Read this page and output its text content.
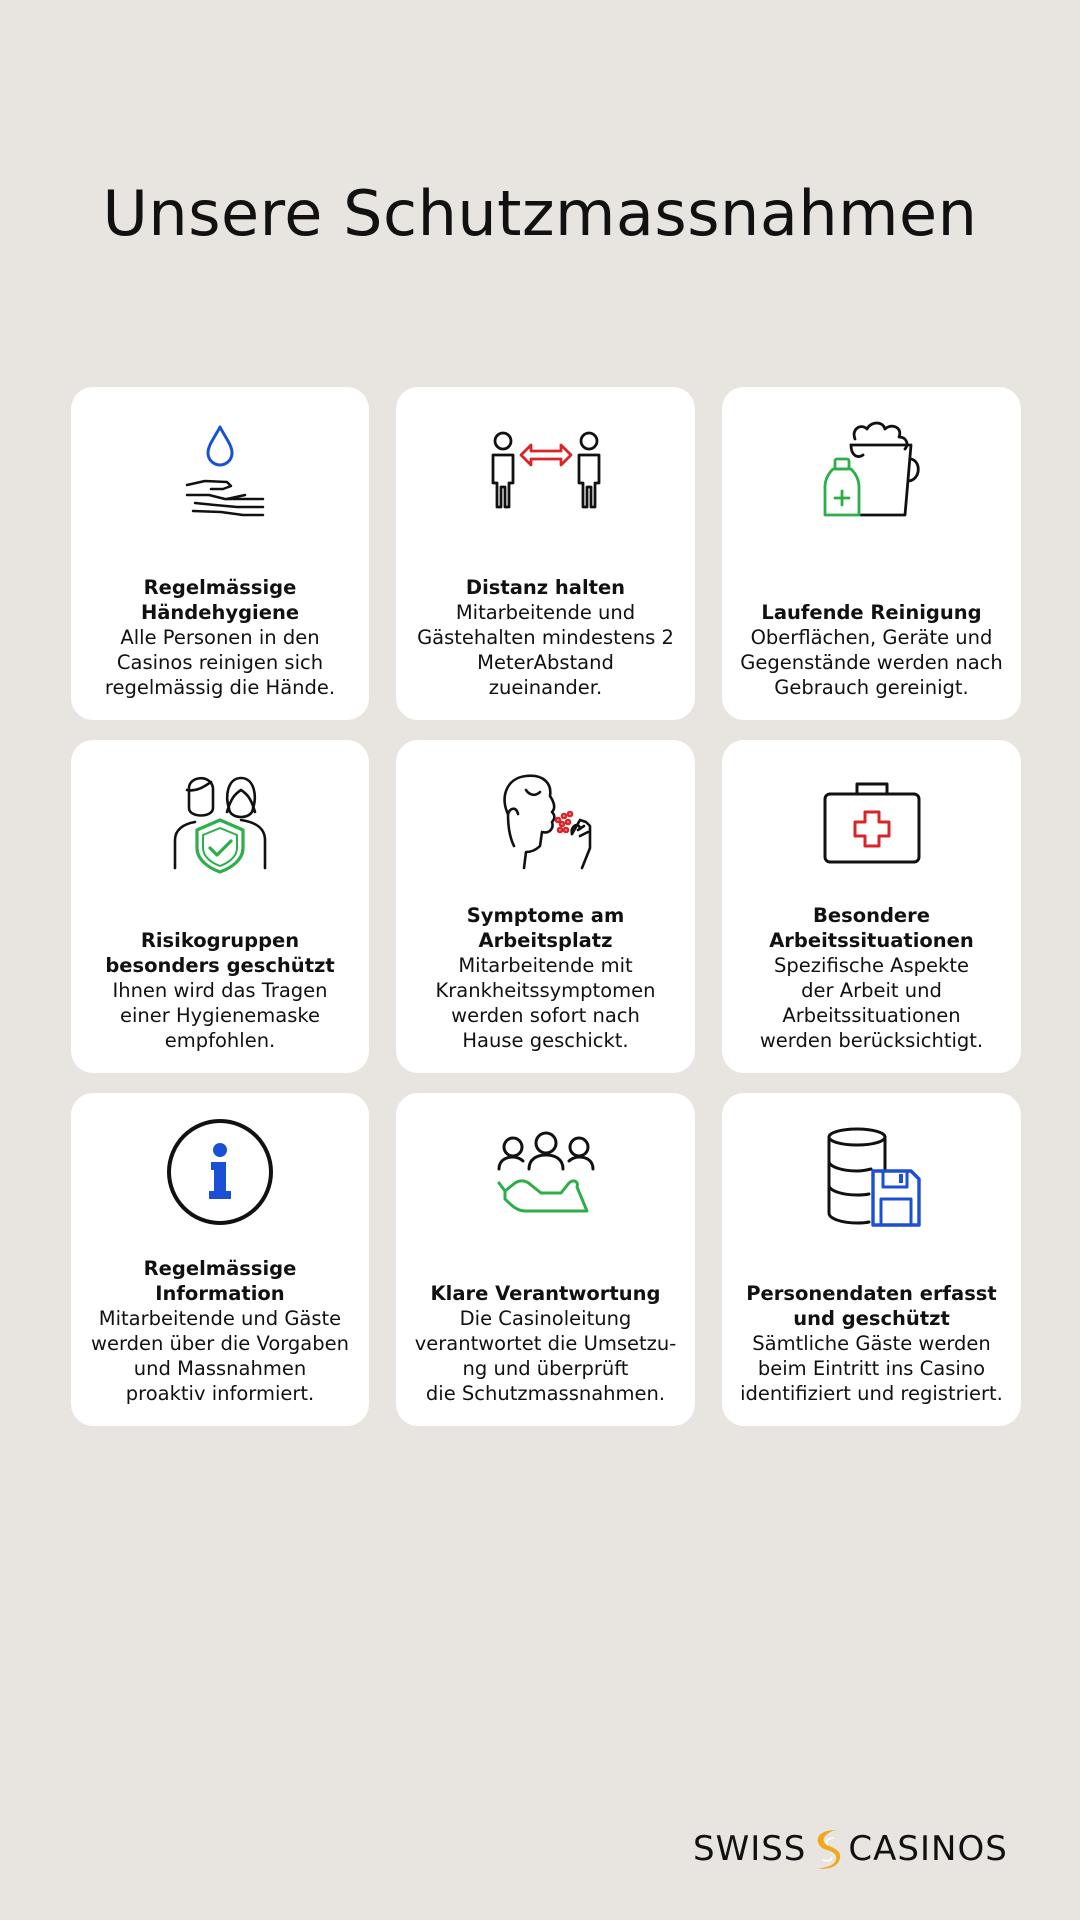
Unsere Schutzmassnahmen
Regelmässige
Händehygiene
Alle Personen in den
Casinos reinigen sich
regelmässig die Hände.
Distanz halten
Mitarbeitende und
Gästehalten mindestens 2
MeterAbstand
zueinander.
Laufende Reinigung
Oberflächen, Geräte und
Gegenstände werden nach
Gebrauch gereinigt.
Risikogruppen
besonders geschützt
Ihnen wird das Tragen
einer Hygienemaske
empfohlen.
Symptome am
Arbeitsplatz
Mitarbeitende mit
Krankheitssymptomen
werden sofort nach
Hause geschickt.
Besondere
Arbeitssituationen
Spezifische Aspekte
der Arbeit und
Arbeitssituationen
werden berücksichtigt.
Regelmässige
Information
Mitarbeitende und Gäste
werden über die Vorgaben
und Massnahmen
proaktiv informiert.
Klare Verantwortung
Die Casinoleitung
verantwortet die Umsetzu-
ng und überprüft
die Schutzmassnahmen.
Personendaten erfasst
und geschützt
Sämtliche Gäste werden
beim Eintritt ins Casino
identifiziert und registriert.
SWISS CASINOS
